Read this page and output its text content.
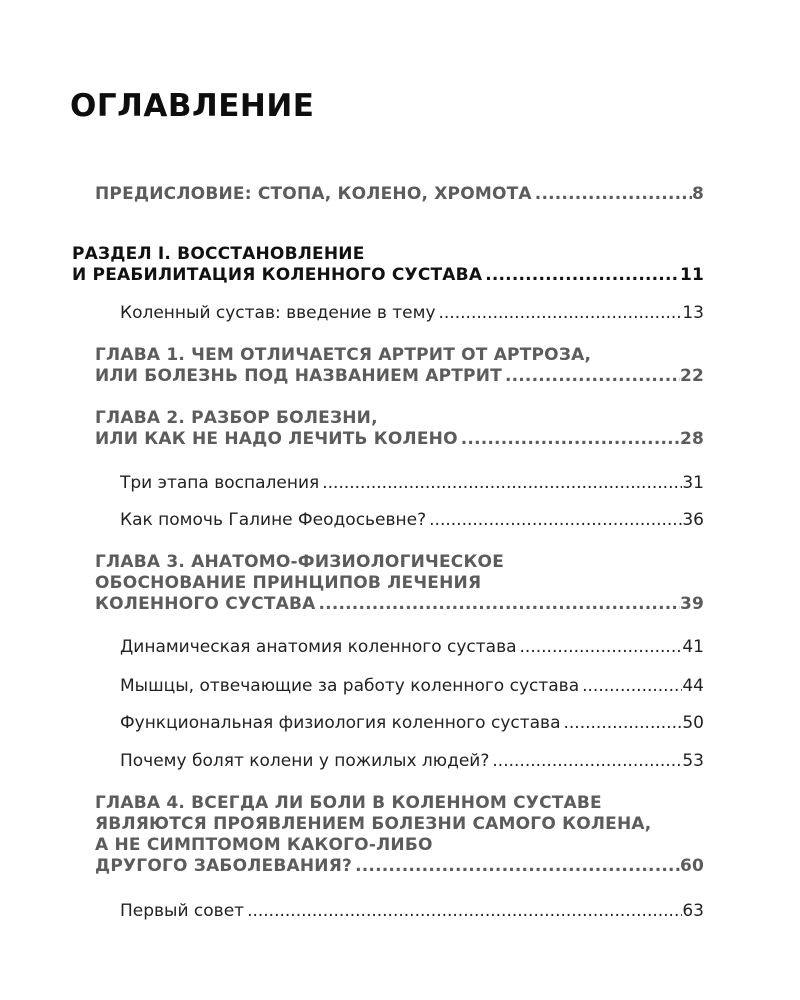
ОГЛАВЛЕНИЕ
ПРЕДИСЛОВИЕ: СТОПА, КОЛЕНО, ХРОМОТА .....	8
РАЗДЕЛ I. ВОССТАНОВЛЕНИЕ
И РЕАБИЛИТАЦИЯ КОЛЕННОГО СУСТАВА .....	11
Коленный сустав: введение в тему .....	13
ГЛАВА 1. ЧЕМ ОТЛИЧАЕТСЯ АРТРИТ ОТ АРТРОЗА,
ИЛИ БОЛЕЗНЬ ПОД НАЗВАНИЕМ АРТРИТ .....	22
ГЛАВА 2. РАЗБОР БОЛЕЗНИ,
ИЛИ КАК НЕ НАДО ЛЕЧИТЬ КОЛЕНО .....	28
Три этапа воспаления .....	31
Как помочь Галине Феодосьевне? .....	36
ГЛАВА 3. АНАТОМО-ФИЗИОЛОГИЧЕСКОЕ
ОБОСНОВАНИЕ ПРИНЦИПОВ ЛЕЧЕНИЯ
КОЛЕННОГО СУСТАВА .....	39
Динамическая анатомия коленного сустава .....	41
Мышцы, отвечающие за работу коленного сустава .....	44
Функциональная физиология коленного сустава .....	50
Почему болят колени у пожилых людей? .....	53
ГЛАВА 4. ВСЕГДА ЛИ БОЛИ В КОЛЕННОМ СУСТАВЕ
ЯВЛЯЮТСЯ ПРОЯВЛЕНИЕМ БОЛЕЗНИ САМОГО КОЛЕНА,
А НЕ СИМПТОМОМ КАКОГО-ЛИБО
ДРУГОГО ЗАБОЛЕВАНИЯ? .....	60
Первый совет .....	63
